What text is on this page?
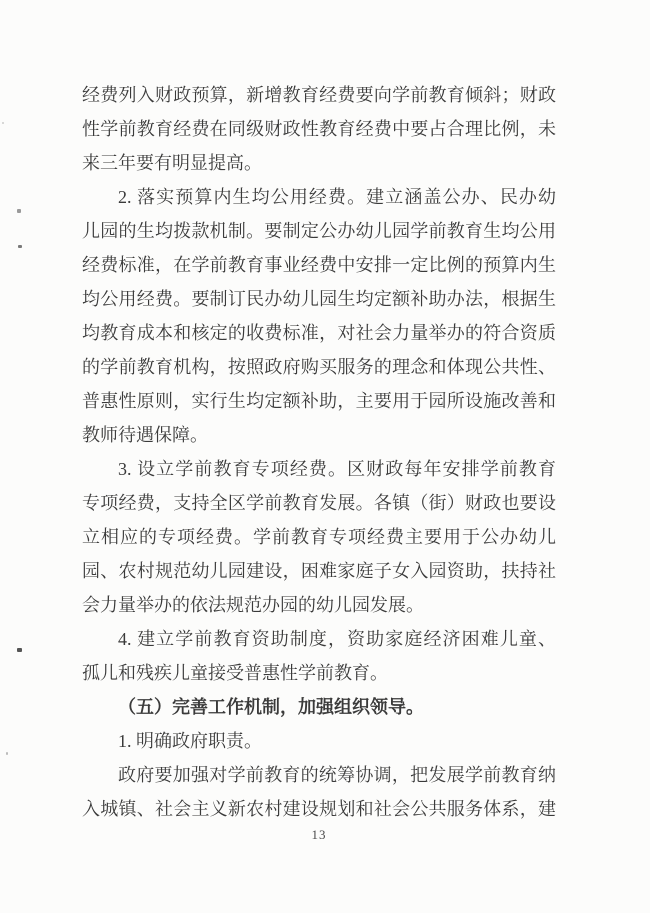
经费列入财政预算，新增教育经费要向学前教育倾斜；财政
性学前教育经费在同级财政性教育经费中要占合理比例，未
来三年要有明显提高。
2. 落实预算内生均公用经费。建立涵盖公办、民办幼
儿园的生均拨款机制。要制定公办幼儿园学前教育生均公用
经费标准，在学前教育事业经费中安排一定比例的预算内生
均公用经费。要制订民办幼儿园生均定额补助办法，根据生
均教育成本和核定的收费标准，对社会力量举办的符合资质
的学前教育机构，按照政府购买服务的理念和体现公共性、
普惠性原则，实行生均定额补助，主要用于园所设施改善和
教师待遇保障。
3. 设立学前教育专项经费。区财政每年安排学前教育
专项经费，支持全区学前教育发展。各镇（街）财政也要设
立相应的专项经费。学前教育专项经费主要用于公办幼儿
园、农村规范幼儿园建设，困难家庭子女入园资助，扶持社
会力量举办的依法规范办园的幼儿园发展。
4. 建立学前教育资助制度，资助家庭经济困难儿童、
孤儿和残疾儿童接受普惠性学前教育。
（五）完善工作机制，加强组织领导。
1. 明确政府职责。
政府要加强对学前教育的统筹协调，把发展学前教育纳
入城镇、社会主义新农村建设规划和社会公共服务体系，建
13
